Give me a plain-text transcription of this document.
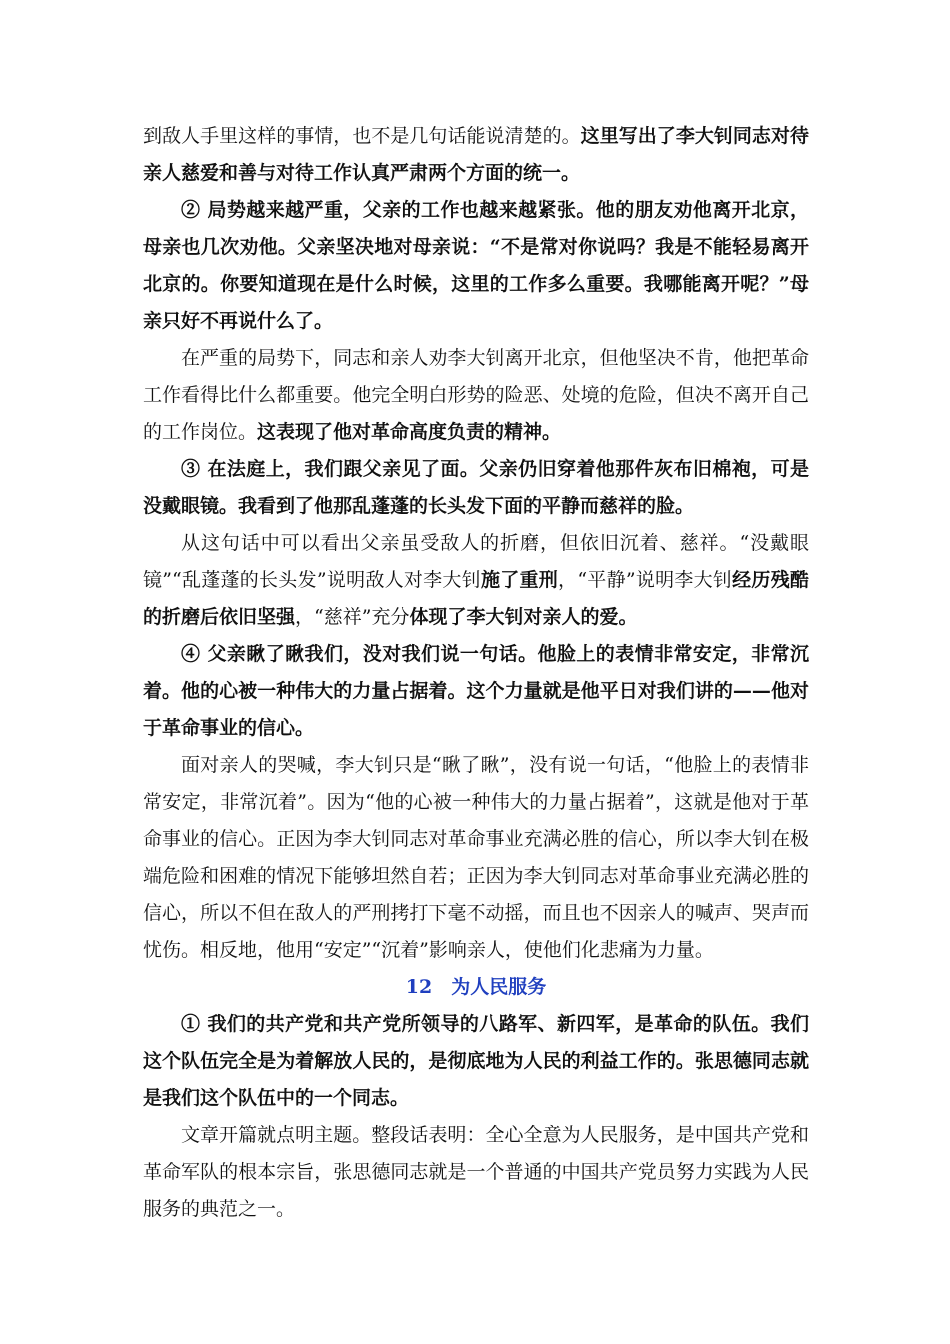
到敌人手里这样的事情，也不是几句话能说清楚的。这里写出了李大钊同志对待亲人慈爱和善与对待工作认真严肃两个方面的统一。

② 局势越来越严重，父亲的工作也越来越紧张。他的朋友劝他离开北京，母亲也几次劝他。父亲坚决地对母亲说：“不是常对你说吗？我是不能轻易离开北京的。你要知道现在是什么时候，这里的工作多么重要。我哪能离开呢？”母亲只好不再说什么了。

在严重的局势下，同志和亲人劝李大钊离开北京，但他坚决不肯，他把革命工作看得比什么都重要。他完全明白形势的险恶、处境的危险，但决不离开自己的工作岗位。这表现了他对革命高度负责的精神。

③ 在法庭上，我们跟父亲见了面。父亲仍旧穿着他那件灰布旧棉袍，可是没戴眼镜。我看到了他那乱蓬蓬的长头发下面的平静而慈祥的脸。

从这句话中可以看出父亲虽受敌人的折磨，但依旧沉着、慈祥。“没戴眼镜”“乱蓬蓬的长头发”说明敌人对李大钊施了重刑，“平静”说明李大钊经历残酷的折磨后依旧坚强，“慈祥”充分体现了李大钊对亲人的爱。

④ 父亲瞅了瞅我们，没对我们说一句话。他脸上的表情非常安定，非常沉着。他的心被一种伟大的力量占据着。这个力量就是他平日对我们讲的——他对于革命事业的信心。

面对亲人的哭喊，李大钊只是“瞅了瞅”，没有说一句话，“他脸上的表情非常安定，非常沉着”。因为“他的心被一种伟大的力量占据着”，这就是他对于革命事业的信心。正因为李大钊同志对革命事业充满必胜的信心，所以李大钊在极端危险和困难的情况下能够坦然自若；正因为李大钊同志对革命事业充满必胜的信心，所以不但在敌人的严刑拷打下毫不动摇，而且也不因亲人的喊声、哭声而忧伤。相反地，他用“安定”“沉着”影响亲人，使他们化悲痛为力量。

12　为人民服务

① 我们的共产党和共产党所领导的八路军、新四军，是革命的队伍。我们这个队伍完全是为着解放人民的，是彻底地为人民的利益工作的。张思德同志就是我们这个队伍中的一个同志。

文章开篇就点明主题。整段话表明：全心全意为人民服务，是中国共产党和革命军队的根本宗旨，张思德同志就是一个普通的中国共产党员努力实践为人民服务的典范之一。
